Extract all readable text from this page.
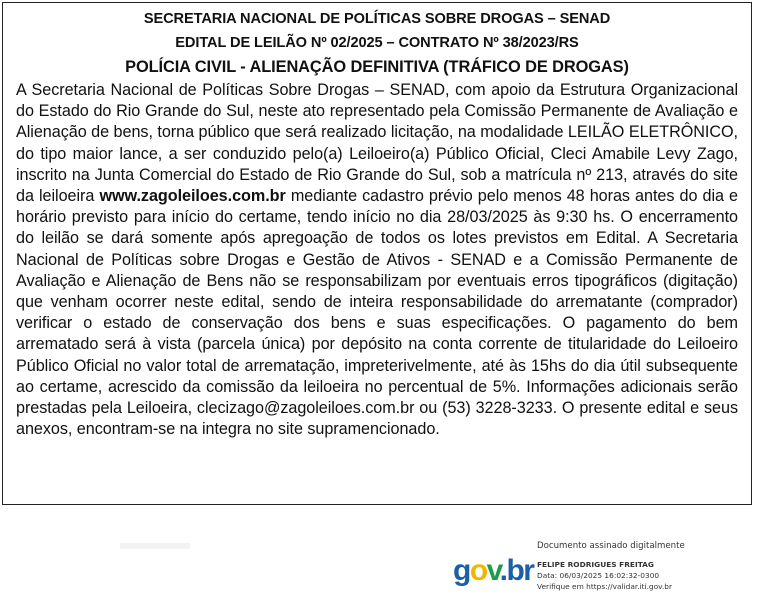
SECRETARIA NACIONAL DE POLÍTICAS SOBRE DROGAS – SENAD
EDITAL DE LEILÃO Nº 02/2025 – CONTRATO Nº 38/2023/RS
POLÍCIA CIVIL - ALIENAÇÃO DEFINITIVA (TRÁFICO DE DROGAS)

A Secretaria Nacional de Políticas Sobre Drogas – SENAD, com apoio da Estrutura Organizacional do Estado do Rio Grande do Sul, neste ato representado pela Comissão Permanente de Avaliação e Alienação de bens, torna público que será realizado licitação, na modalidade LEILÃO ELETRÔNICO, do tipo maior lance, a ser conduzido pelo(a) Leiloeiro(a) Público Oficial, Cleci Amabile Levy Zago, inscrito na Junta Comercial do Estado de Rio Grande do Sul, sob a matrícula nº 213, através do site da leiloeira www.zagoleiloes.com.br mediante cadastro prévio pelo menos 48 horas antes do dia e horário previsto para início do certame, tendo início no dia 28/03/2025 às 9:30 hs. O encerramento do leilão se dará somente após apregoação de todos os lotes previstos em Edital. A Secretaria Nacional de Políticas sobre Drogas e Gestão de Ativos - SENAD e a Comissão Permanente de Avaliação e Alienação de Bens não se responsabilizam por eventuais erros tipográficos (digitação) que venham ocorrer neste edital, sendo de inteira responsabilidade do arrematante (comprador) verificar o estado de conservação dos bens e suas especificações. O pagamento do bem arrematado será à vista (parcela única) por depósito na conta corrente de titularidade do Leiloeiro Público Oficial no valor total de arrematação, impreterivelmente, até às 15hs do dia útil subsequente ao certame, acrescido da comissão da leiloeira no percentual de 5%. Informações adicionais serão prestadas pela Leiloeira, clecizago@zagoleiloes.com.br ou (53) 3228-3233. O presente edital e seus anexos, encontram-se na integra no site supramencionado.

gov.br
Documento assinado digitalmente
FELIPE RODRIGUES FREITAG
Data: 06/03/2025 16:02:32-0300
Verifique em https://validar.iti.gov.br
